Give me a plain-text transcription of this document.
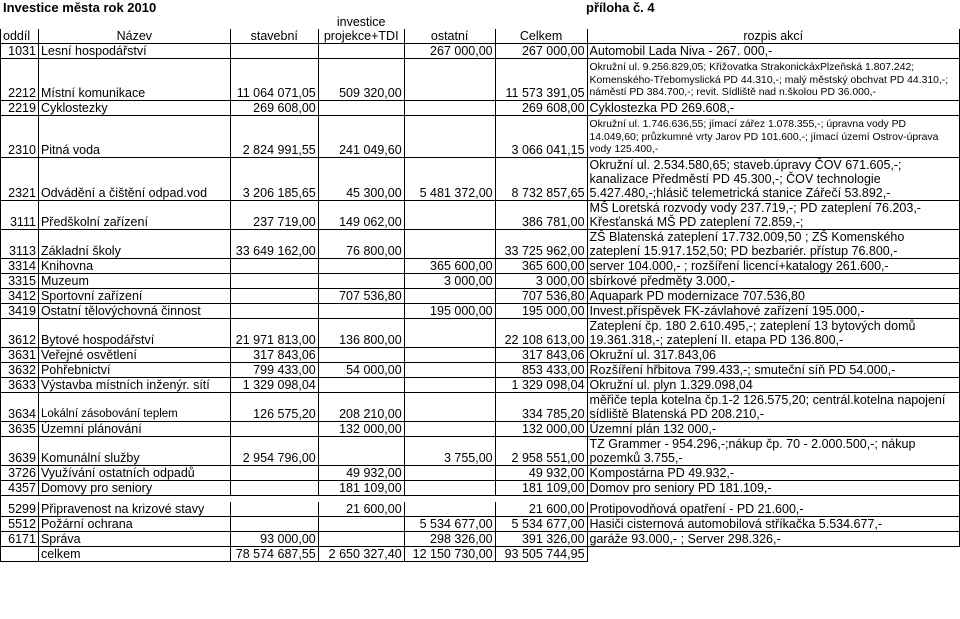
Investice města rok 2010	příloha č. 4
			investice			
oddíl	Název	stavební	projekce+TDI	ostatní	Celkem	rozpis akcí
1031	Lesní hospodářství			267 000,00	267 000,00	Automobil Lada Niva - 267. 000,-
2212	Místní komunikace	11 064 071,05	509 320,00		11 573 391,05	Okružní ul. 9.256.829,05; Křižovatka StrakonickáxPlzeňská 1.807.242; Komenského-Třebomyslická PD 44.310,-; malý městský obchvat PD 44.310,-; náměstí PD 384.700,-; revit. Sídliště nad n.školou PD 36.000,-
2219	Cyklostezky	269 608,00			269 608,00	Cyklostezka PD 269.608,-
2310	Pitná voda	2 824 991,55	241 049,60		3 066 041,15	Okružní ul. 1.746.636,55; jímací zářez 1.078.355,-; úpravna vody PD 14.049,60; průzkumné vrty Jarov PD 101.600,-; jímací území Ostrov-úprava vody 125.400,-
2321	Odvádění a čištění odpad.vod	3 206 185,65	45 300,00	5 481 372,00	8 732 857,65	Okružní ul. 2.534.580,65; staveb.úpravy ČOV 671.605,-; kanalizace Předměstí PD 45.300,-; ČOV technologie 5.427.480,-;hlásič telemetrická stanice Zářečí 53.892,-
3111	Předškolní zařízení	237 719,00	149 062,00		386 781,00	MŠ Loretská rozvody vody 237.719,-; PD zateplení 76.203,-Křesťanská MŠ PD zateplení 72.859,-;
3113	Základní školy	33 649 162,00	76 800,00		33 725 962,00	ZŠ Blatenská zateplení 17.732.009,50 ; ZŠ Komenského zateplení 15.917.152,50; PD bezbariér. přístup 76.800,-
3314	Knihovna			365 600,00	365 600,00	server 104.000,- ; rozšíření licencí+katalogy 261.600,-
3315	Muzeum			3 000,00	3 000,00	sbírkové předměty 3.000,-
3412	Sportovní zařízení		707 536,80		707 536,80	Aquapark PD modernizace 707.536,80
3419	Ostatní tělovýchovná činnost			195 000,00	195 000,00	Invest.příspěvek FK-závlahové zařízení 195.000,-
3612	Bytové hospodářství	21 971 813,00	136 800,00		22 108 613,00	Zateplení čp. 180 2.610.495,-; zateplení 13 bytových domů 19.361.318,-; zateplení II. etapa PD 136.800,-
3631	Veřejné osvětlení	317 843,06			317 843,06	Okružní ul. 317.843,06
3632	Pohřebnictví	799 433,00	54 000,00		853 433,00	Rozšíření hřbitova 799.433,-; smuteční síň PD 54.000,-
3633	Výstavba místních inženýr. sítí	1 329 098,04			1 329 098,04	Okružní ul. plyn 1.329.098,04
3634	Lokální zásobování teplem	126 575,20	208 210,00		334 785,20	měřiče tepla kotelna čp.1-2 126.575,20; centrál.kotelna napojení sídliště Blatenská PD 208.210,-
3635	Územní plánování		132 000,00		132 000,00	Územní plán 132 000,-
3639	Komunální služby	2 954 796,00		3 755,00	2 958 551,00	TZ Grammer - 954.296,-;nákup čp. 70 - 2.000.500,-; nákup pozemků 3.755,-
3726	Využívání ostatních odpadů		49 932,00		49 932,00	Kompostárna PD 49.932,-
4357	Domovy pro seniory		181 109,00		181 109,00	Domov pro seniory PD 181.109,-

5299	Připravenost na krizové stavy		21 600,00		21 600,00	Protipovodňová opatření - PD 21.600,-
5512	Požární ochrana			5 534 677,00	5 534 677,00	Hasiči cisternová automobilová stříkačka 5.534.677,-
6171	Správa	93 000,00		298 326,00	391 326,00	garáže 93.000,- ; Server 298.326,-
	celkem	78 574 687,55	2 650 327,40	12 150 730,00	93 505 744,95	
